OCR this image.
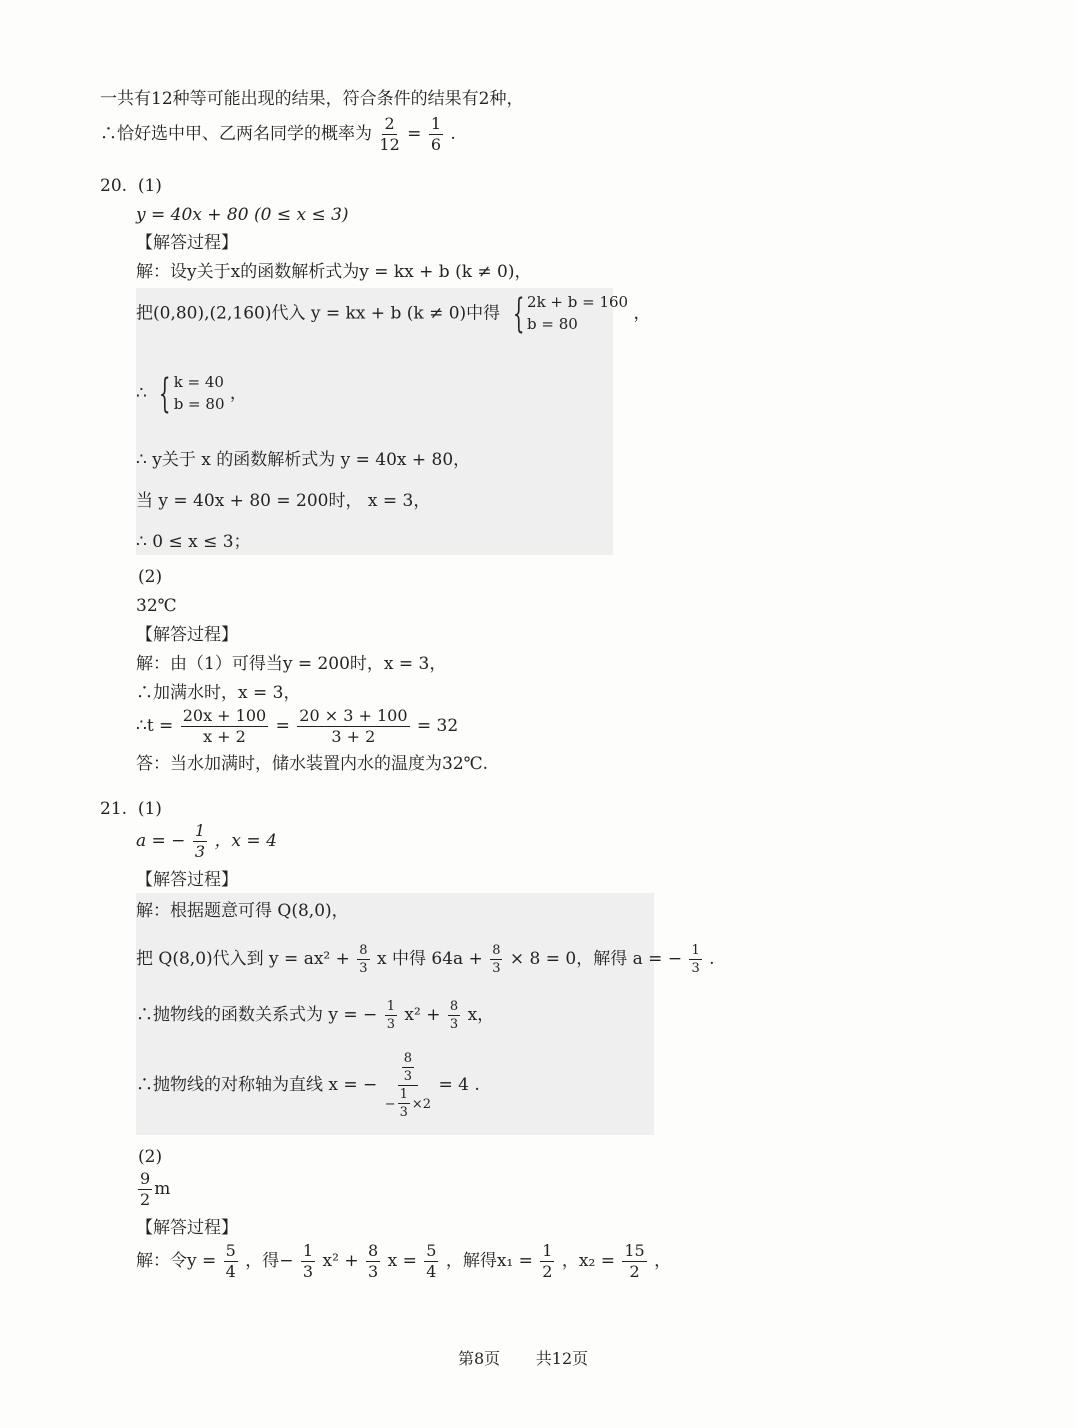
一共有12种等可能出现的结果，符合条件的结果有2种，
∴恰好选中甲、乙两名同学的概率为 $\frac{2}{12} = \frac{1}{6}$ .
20. (1)
y = 40x + 80 (0 ≤ x ≤ 3)
【解答过程】
解：设y关于x的函数解析式为y = kx + b (k ≠ 0)，
把(0,80),(2,160)代入 y = kx + b (k ≠ 0)中得 { 2k + b = 160
b = 80
，
∴ { k = 40
b = 80
，
∴ y关于 x 的函数解析式为 y = 40x + 80，
当 y = 40x + 80 = 200时， x = 3，
∴ 0 ≤ x ≤ 3；
(2)
32℃
【解答过程】
解：由（1）可得当y = 200时，x = 3，
∴加满水时，x = 3，
∴t = $\frac{20x + 100}{x + 2} = \frac{20 \times 3 + 100}{3 + 2} = 32$
答：当水加满时，储水装置内水的温度为32℃.
21. (1)
a = − $\frac{1}{3}$ ，x = 4
【解答过程】
解：根据题意可得 Q(8,0)，
把 Q(8,0)代入到 $y = ax^2 + \frac{8}{3}$ x 中得 $64a + \frac{8}{3} \times 8 = 0$，解得 a = − $\frac{1}{3}$ .
∴抛物线的函数关系式为 y = − $\frac{1}{3} x^2 + \frac{8}{3}$ x，
∴抛物线的对称轴为直线 x = − $\frac{\frac{8}{3}}{- \frac{1}{3} \times 2} = 4$ .
(2)
$\frac{9}{2}$ m
【解答过程】
解：令$y = \frac{5}{4}$ ，得− $\frac{1}{3} x^2 + \frac{8}{3}$ $x = \frac{5}{4}$ ，解得$x_1 = \frac{1}{2}$ ，$x_2 = \frac{15}{2}$ ，
第8页 共12页
